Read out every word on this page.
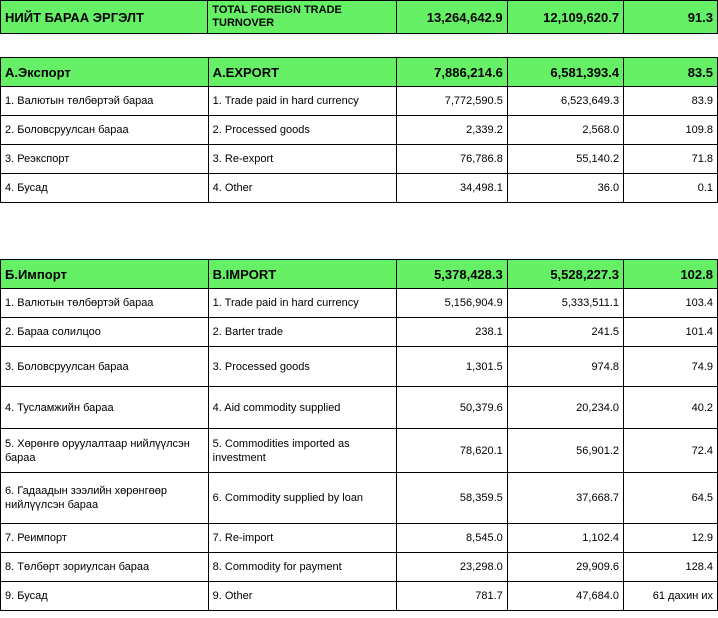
НИЙТ БАРАА ЭРГЭЛТ	TOTAL FOREIGN TRADE TURNOVER	13,264,642.9	12,109,620.7	91.3
А.Экспорт	A.EXPORT	7,886,214.6	6,581,393.4	83.5
1. Валютын төлбөртэй бараа	1. Trade paid in hard currency	7,772,590.5	6,523,649.3	83.9
2. Боловсруулсан бараа	2. Processed goods	2,339.2	2,568.0	109.8
3. Реэкспорт	3. Re-export	76,786.8	55,140.2	71.8
4. Бусад	4. Other	34,498.1	36.0	0.1
Б.Импорт	B.IMPORT	5,378,428.3	5,528,227.3	102.8
1. Валютын төлбөртэй бараа	1. Trade paid in hard currency	5,156,904.9	5,333,511.1	103.4
2. Бараа солилцоо	2. Barter trade	238.1	241.5	101.4
3. Боловсруулсан бараа	3. Processed goods	1,301.5	974.8	74.9
4. Тусламжийн бараа	4. Aid commodity supplied	50,379.6	20,234.0	40.2
5. Хөрөнгө оруулалтаар нийлүүлсэн бараа	5. Commodities imported as investment	78,620.1	56,901.2	72.4
6. Гадаадын зээлийн хөрөнгөөр нийлүүлсэн бараа	6. Commodity supplied by loan	58,359.5	37,668.7	64.5
7. Реимпорт	7. Re-import	8,545.0	1,102.4	12.9
8. Төлбөрт зориулсан бараа	8. Commodity for payment	23,298.0	29,909.6	128.4
9. Бусад	9. Other	781.7	47,684.0	61 дахин их
